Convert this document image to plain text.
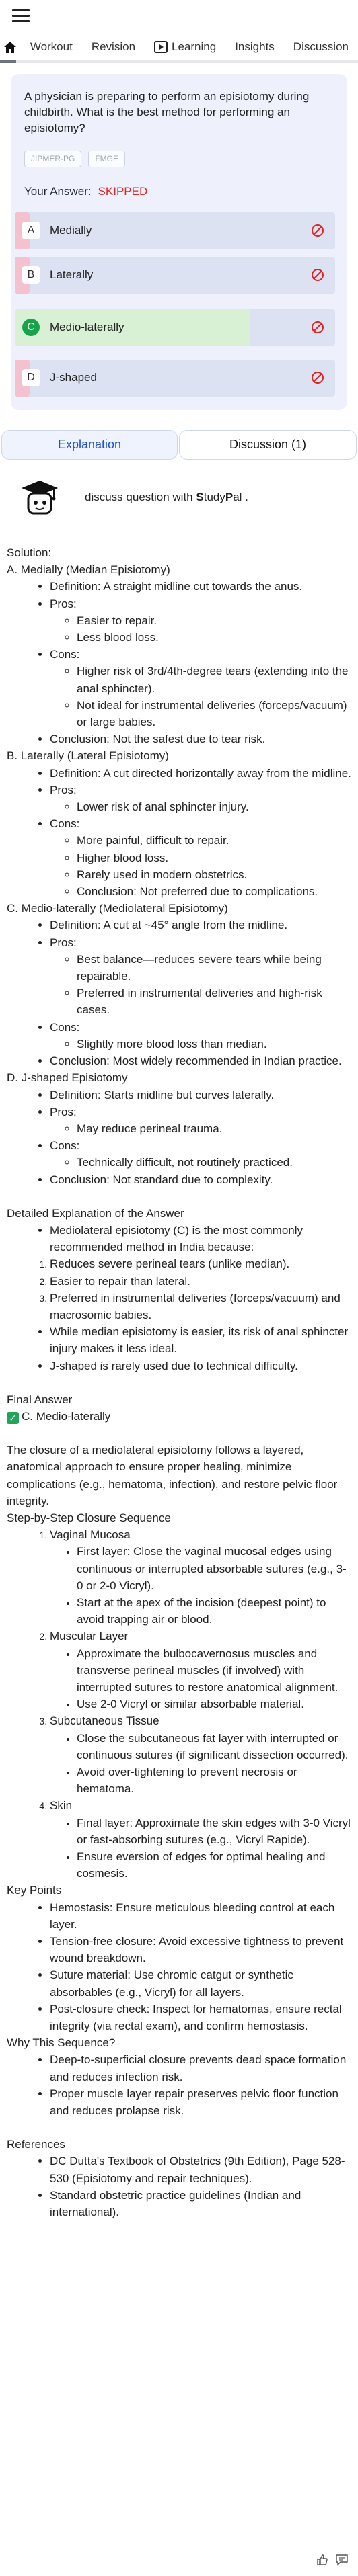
Workout Revision	Learning Insights Discussion
A physician is preparing to perform an episiotomy during childbirth. What is the best method for performing an episiotomy?
JIPMER-PG	FMGE
Your Answer: SKIPPED
A	Medially
B	Laterally
C	Medio-laterally
D	J-shaped
Explanation	Discussion (1)
discuss question with StudyPal .

Solution:

A. Medially (Median Episiotomy)

• Definition: A straight midline cut towards the anus.
• Pros:
◦ Easier to repair.
◦ Less blood loss.
• Cons:
◦ Higher risk of 3rd/4th-degree tears (extending into the anal sphincter).
◦ Not ideal for instrumental deliveries (forceps/vacuum) or large babies.
• Conclusion: Not the safest due to tear risk.

B. Laterally (Lateral Episiotomy)

• Definition: A cut directed horizontally away from the midline.
• Pros:
◦ Lower risk of anal sphincter injury.
• Cons:
◦ More painful, difficult to repair.
◦ Higher blood loss.
◦ Rarely used in modern obstetrics.
◦ Conclusion: Not preferred due to complications.

C. Medio-laterally (Mediolateral Episiotomy)

• Definition: A cut at ~45° angle from the midline.
• Pros:
◦ Best balance—reduces severe tears while being repairable.
◦ Preferred in instrumental deliveries and high-risk cases.
• Cons:
◦ Slightly more blood loss than median.
• Conclusion: Most widely recommended in Indian practice.

D. J-shaped Episiotomy

• Definition: Starts midline but curves laterally.
• Pros:
◦ May reduce perineal trauma.
• Cons:
◦ Technically difficult, not routinely practiced.
• Conclusion: Not standard due to complexity.

Detailed Explanation of the Answer

• Mediolateral episiotomy (C) is the most commonly recommended method in India because:
1. Reduces severe perineal tears (unlike median).
2. Easier to repair than lateral.
3. Preferred in instrumental deliveries (forceps/vacuum) and macrosomic babies.
• While median episiotomy is easier, its risk of anal sphincter injury makes it less ideal.
• J-shaped is rarely used due to technical difficulty.

Final Answer

✓ C. Medio-laterally

The closure of a mediolateral episiotomy follows a layered, anatomical approach to ensure proper healing, minimize complications (e.g., hematoma, infection), and restore pelvic floor integrity.

Step-by-Step Closure Sequence

1. Vaginal Mucosa
• First layer: Close the vaginal mucosal edges using continuous or interrupted absorbable sutures (e.g., 3-0 or 2-0 Vicryl).
• Start at the apex of the incision (deepest point) to avoid trapping air or blood.
2. Muscular Layer
• Approximate the bulbocavernosus muscles and transverse perineal muscles (if involved) with interrupted sutures to restore anatomical alignment.
• Use 2-0 Vicryl or similar absorbable material.
3. Subcutaneous Tissue
• Close the subcutaneous fat layer with interrupted or continuous sutures (if significant dissection occurred).
• Avoid over-tightening to prevent necrosis or hematoma.
4. Skin
• Final layer: Approximate the skin edges with 3-0 Vicryl or fast-absorbing sutures (e.g., Vicryl Rapide).
• Ensure eversion of edges for optimal healing and cosmesis.

Key Points

• Hemostasis: Ensure meticulous bleeding control at each layer.
• Tension-free closure: Avoid excessive tightness to prevent wound breakdown.
• Suture material: Use chromic catgut or synthetic absorbables (e.g., Vicryl) for all layers.
• Post-closure check: Inspect for hematomas, ensure rectal integrity (via rectal exam), and confirm hemostasis.

Why This Sequence?

• Deep-to-superficial closure prevents dead space formation and reduces infection risk.
• Proper muscle layer repair preserves pelvic floor function and reduces prolapse risk.

References

• DC Dutta's Textbook of Obstetrics (9th Edition), Page 528-530 (Episiotomy and repair techniques).
• Standard obstetric practice guidelines (Indian and international).
